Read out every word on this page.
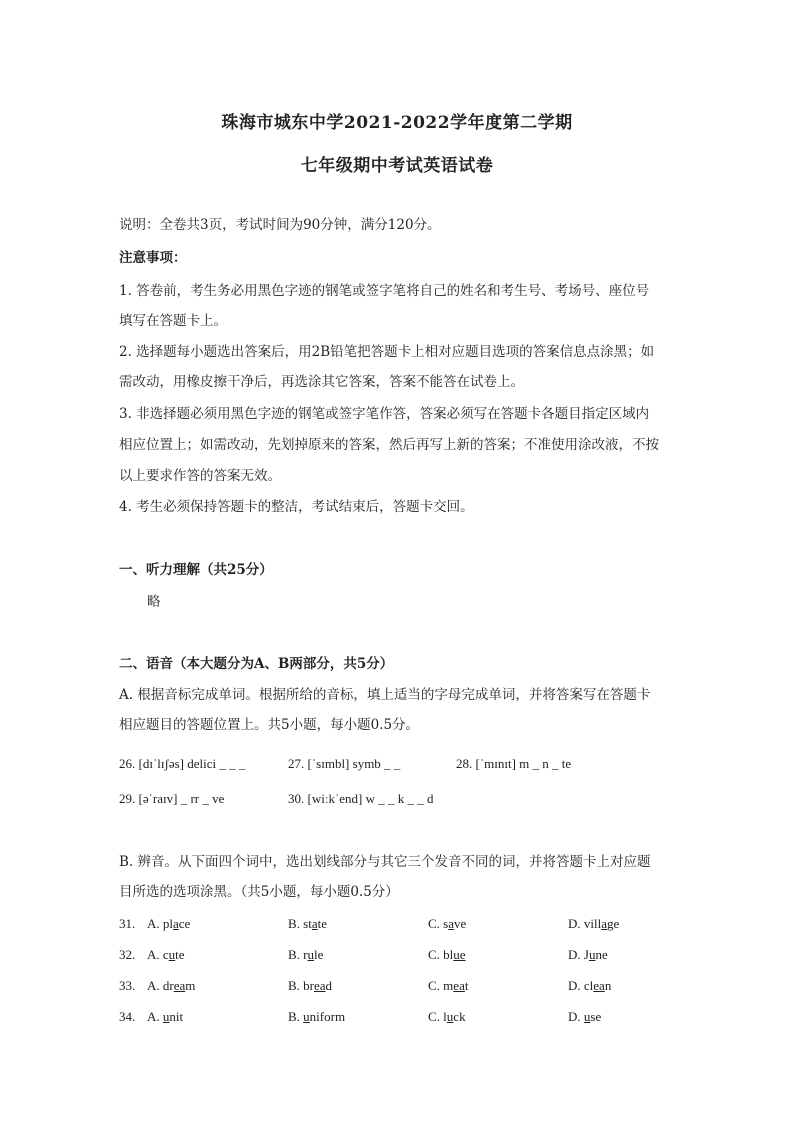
珠海市城东中学2021-2022学年度第二学期
七年级期中考试英语试卷
说明：全卷共3页，考试时间为90分钟，满分120分。
注意事项：
1. 答卷前，考生务必用黑色字迹的钢笔或签字笔将自己的姓名和考生号、考场号、座位号
填写在答题卡上。
2. 选择题每小题选出答案后，用2B铅笔把答题卡上相对应题目选项的答案信息点涂黑；如
需改动，用橡皮擦干净后，再选涂其它答案，答案不能答在试卷上。
3. 非选择题必须用黑色字迹的钢笔或签字笔作答，答案必须写在答题卡各题目指定区域内
相应位置上；如需改动，先划掉原来的答案，然后再写上新的答案；不准使用涂改液，不按
以上要求作答的答案无效。
4. 考生必须保持答题卡的整洁，考试结束后，答题卡交回。
一、听力理解（共25分）
略
二、语音（本大题分为A、B两部分，共5分）
A. 根据音标完成单词。根据所给的音标，填上适当的字母完成单词，并将答案写在答题卡
相应题目的答题位置上。共5小题，每小题0.5分。
26. [dɪˈlɪʃəs] delici _ _ _	27. [ˈsɪmbl] symb _ _	28. [ˈmɪnɪt] m _ n _ te
29. [əˈraɪv] _ rr _ ve	30. [wiːkˈend] w _ _ k _ _ d
B. 辨音。从下面四个词中，选出划线部分与其它三个发音不同的词，并将答题卡上对应题
目所选的选项涂黑。（共5小题，每小题0.5分）
31. A. place	B. state	C. save	D. village
32. A. cute	B. rule	C. blue	D. June
33. A. dream	B. bread	C. meat	D. clean
34. A. unit	B. uniform	C. luck	D. use
